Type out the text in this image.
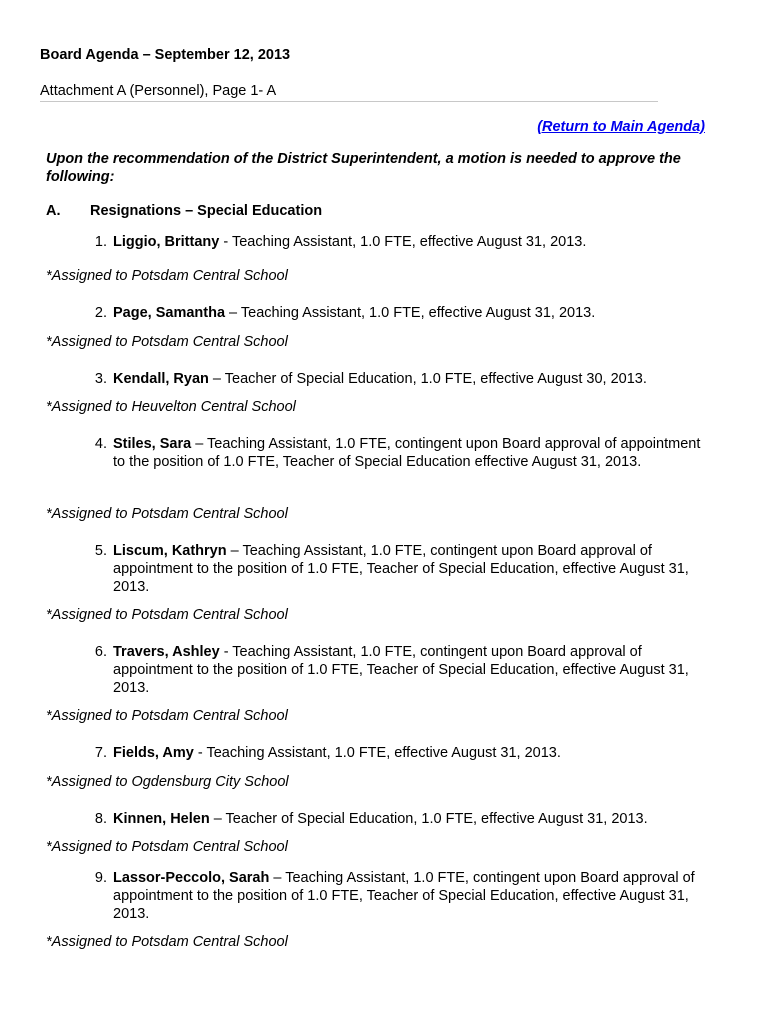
Board Agenda – September 12, 2013
Attachment A (Personnel), Page 1- A
(Return to Main Agenda)
Upon the recommendation of the District Superintendent, a motion is needed to approve the following:
A. Resignations – Special Education
1. Liggio, Brittany - Teaching Assistant, 1.0 FTE, effective August 31, 2013.
*Assigned to Potsdam Central School
2. Page, Samantha – Teaching Assistant, 1.0 FTE, effective August 31, 2013.
*Assigned to Potsdam Central School
3. Kendall, Ryan – Teacher of Special Education, 1.0 FTE, effective August 30, 2013.
*Assigned to Heuvelton Central School
4. Stiles, Sara – Teaching Assistant, 1.0 FTE, contingent upon Board approval of appointment to the position of 1.0 FTE, Teacher of Special Education effective August 31, 2013.
*Assigned to Potsdam Central School
5. Liscum, Kathryn – Teaching Assistant, 1.0 FTE, contingent upon Board approval of appointment to the position of 1.0 FTE, Teacher of Special Education, effective August 31, 2013.
*Assigned to Potsdam Central School
6. Travers, Ashley - Teaching Assistant, 1.0 FTE, contingent upon Board approval of appointment to the position of 1.0 FTE, Teacher of Special Education, effective August 31, 2013.
*Assigned to Potsdam Central School
7. Fields, Amy - Teaching Assistant, 1.0 FTE, effective August 31, 2013.
*Assigned to Ogdensburg City School
8. Kinnen, Helen – Teacher of Special Education, 1.0 FTE, effective August 31, 2013.
*Assigned to Potsdam Central School
9. Lassor-Peccolo, Sarah – Teaching Assistant, 1.0 FTE, contingent upon Board approval of appointment to the position of 1.0 FTE, Teacher of Special Education, effective August 31, 2013.
*Assigned to Potsdam Central School
